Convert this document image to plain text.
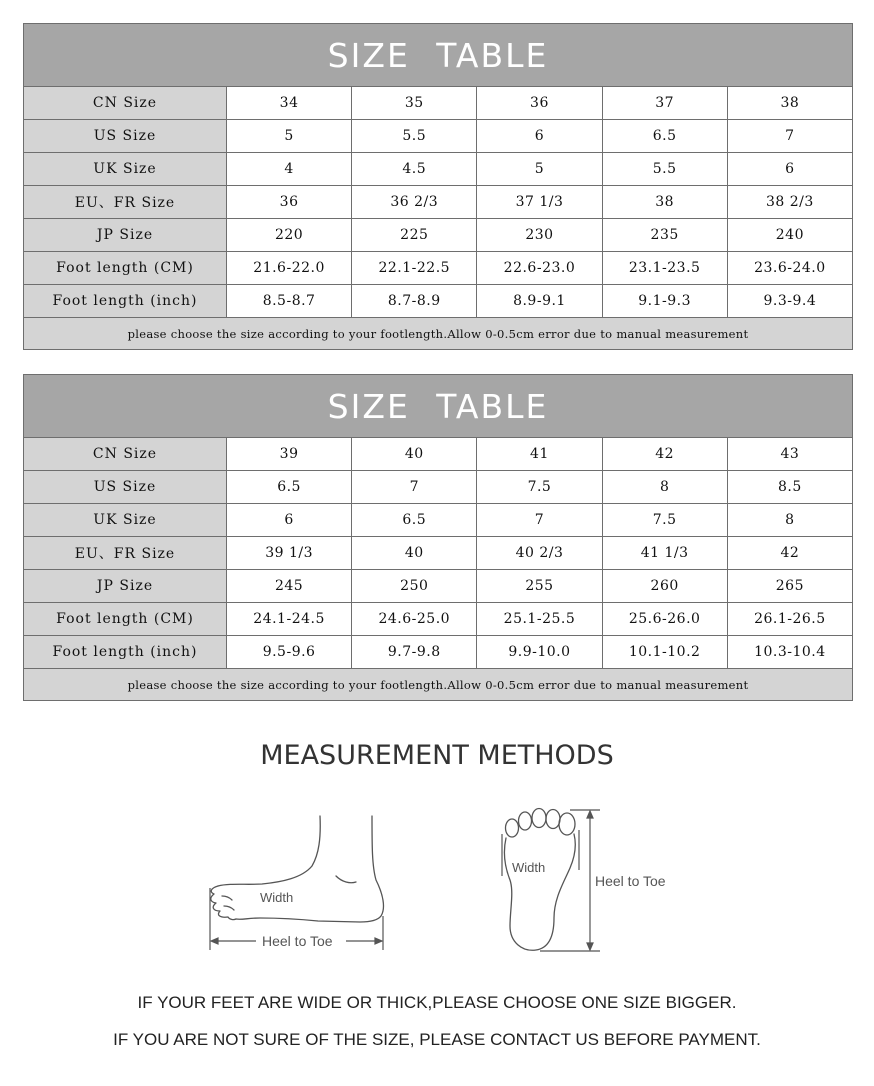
SIZE TABLE					
CN Size	34	35	36	37	38
US Size	5	5.5	6	6.5	7
UK Size	4	4.5	5	5.5	6
EU、FR Size	36	36 2/3	37 1/3	38	38 2/3
JP Size	220	225	230	235	240
Foot length (CM)	21.6-22.0	22.1-22.5	22.6-23.0	23.1-23.5	23.6-24.0
Foot length (inch)	8.5-8.7	8.7-8.9	8.9-9.1	9.1-9.3	9.3-9.4
please choose the size according to your footlength.Allow 0-0.5cm error due to manual measurement					
SIZE TABLE					
CN Size	39	40	41	42	43
US Size	6.5	7	7.5	8	8.5
UK Size	6	6.5	7	7.5	8
EU、FR Size	39 1/3	40	40 2/3	41 1/3	42
JP Size	245	250	255	260	265
Foot length (CM)	24.1-24.5	24.6-25.0	25.1-25.5	25.6-26.0	26.1-26.5
Foot length (inch)	9.5-9.6	9.7-9.8	9.9-10.0	10.1-10.2	10.3-10.4
please choose the size according to your footlength.Allow 0-0.5cm error due to manual measurement					
MEASUREMENT METHODS
Width
Heel to Toe
Width
Heel to Toe
IF YOUR FEET ARE WIDE OR THICK,PLEASE CHOOSE ONE SIZE BIGGER.
IF YOU ARE NOT SURE OF THE SIZE, PLEASE CONTACT US BEFORE PAYMENT.
